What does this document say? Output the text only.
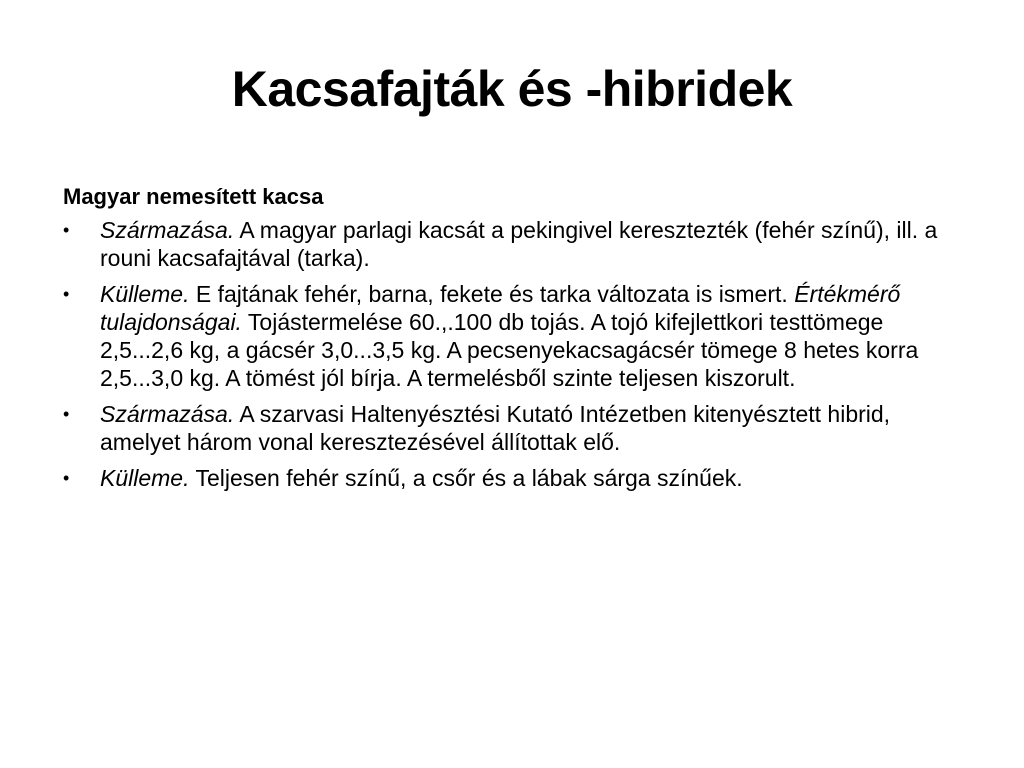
Kacsafajták és -hibridek
Magyar nemesített kacsa
•	Származása. A magyar parlagi kacsát a pekingivel keresztezték (fehér színű), ill. a rouni kacsafajtával (tarka).
•	Külleme. E fajtának fehér, barna, fekete és tarka változata is ismert. Értékmérő tulajdonságai. Tojástermelése 60.,.100 db tojás. A tojó kifejlettkori testtömege 2,5...2,6 kg, a gácsér 3,0...3,5 kg. A pecsenyekacsagácsér tömege 8 hetes korra 2,5...3,0 kg. A tömést jól bírja. A termelésből szinte teljesen kiszorult.
•	Származása. A szarvasi Haltenyésztési Kutató Intézetben kitenyésztett hibrid, amelyet három vonal keresztezésével állítottak elő.
•	Külleme. Teljesen fehér színű, a csőr és a lábak sárga színűek.
